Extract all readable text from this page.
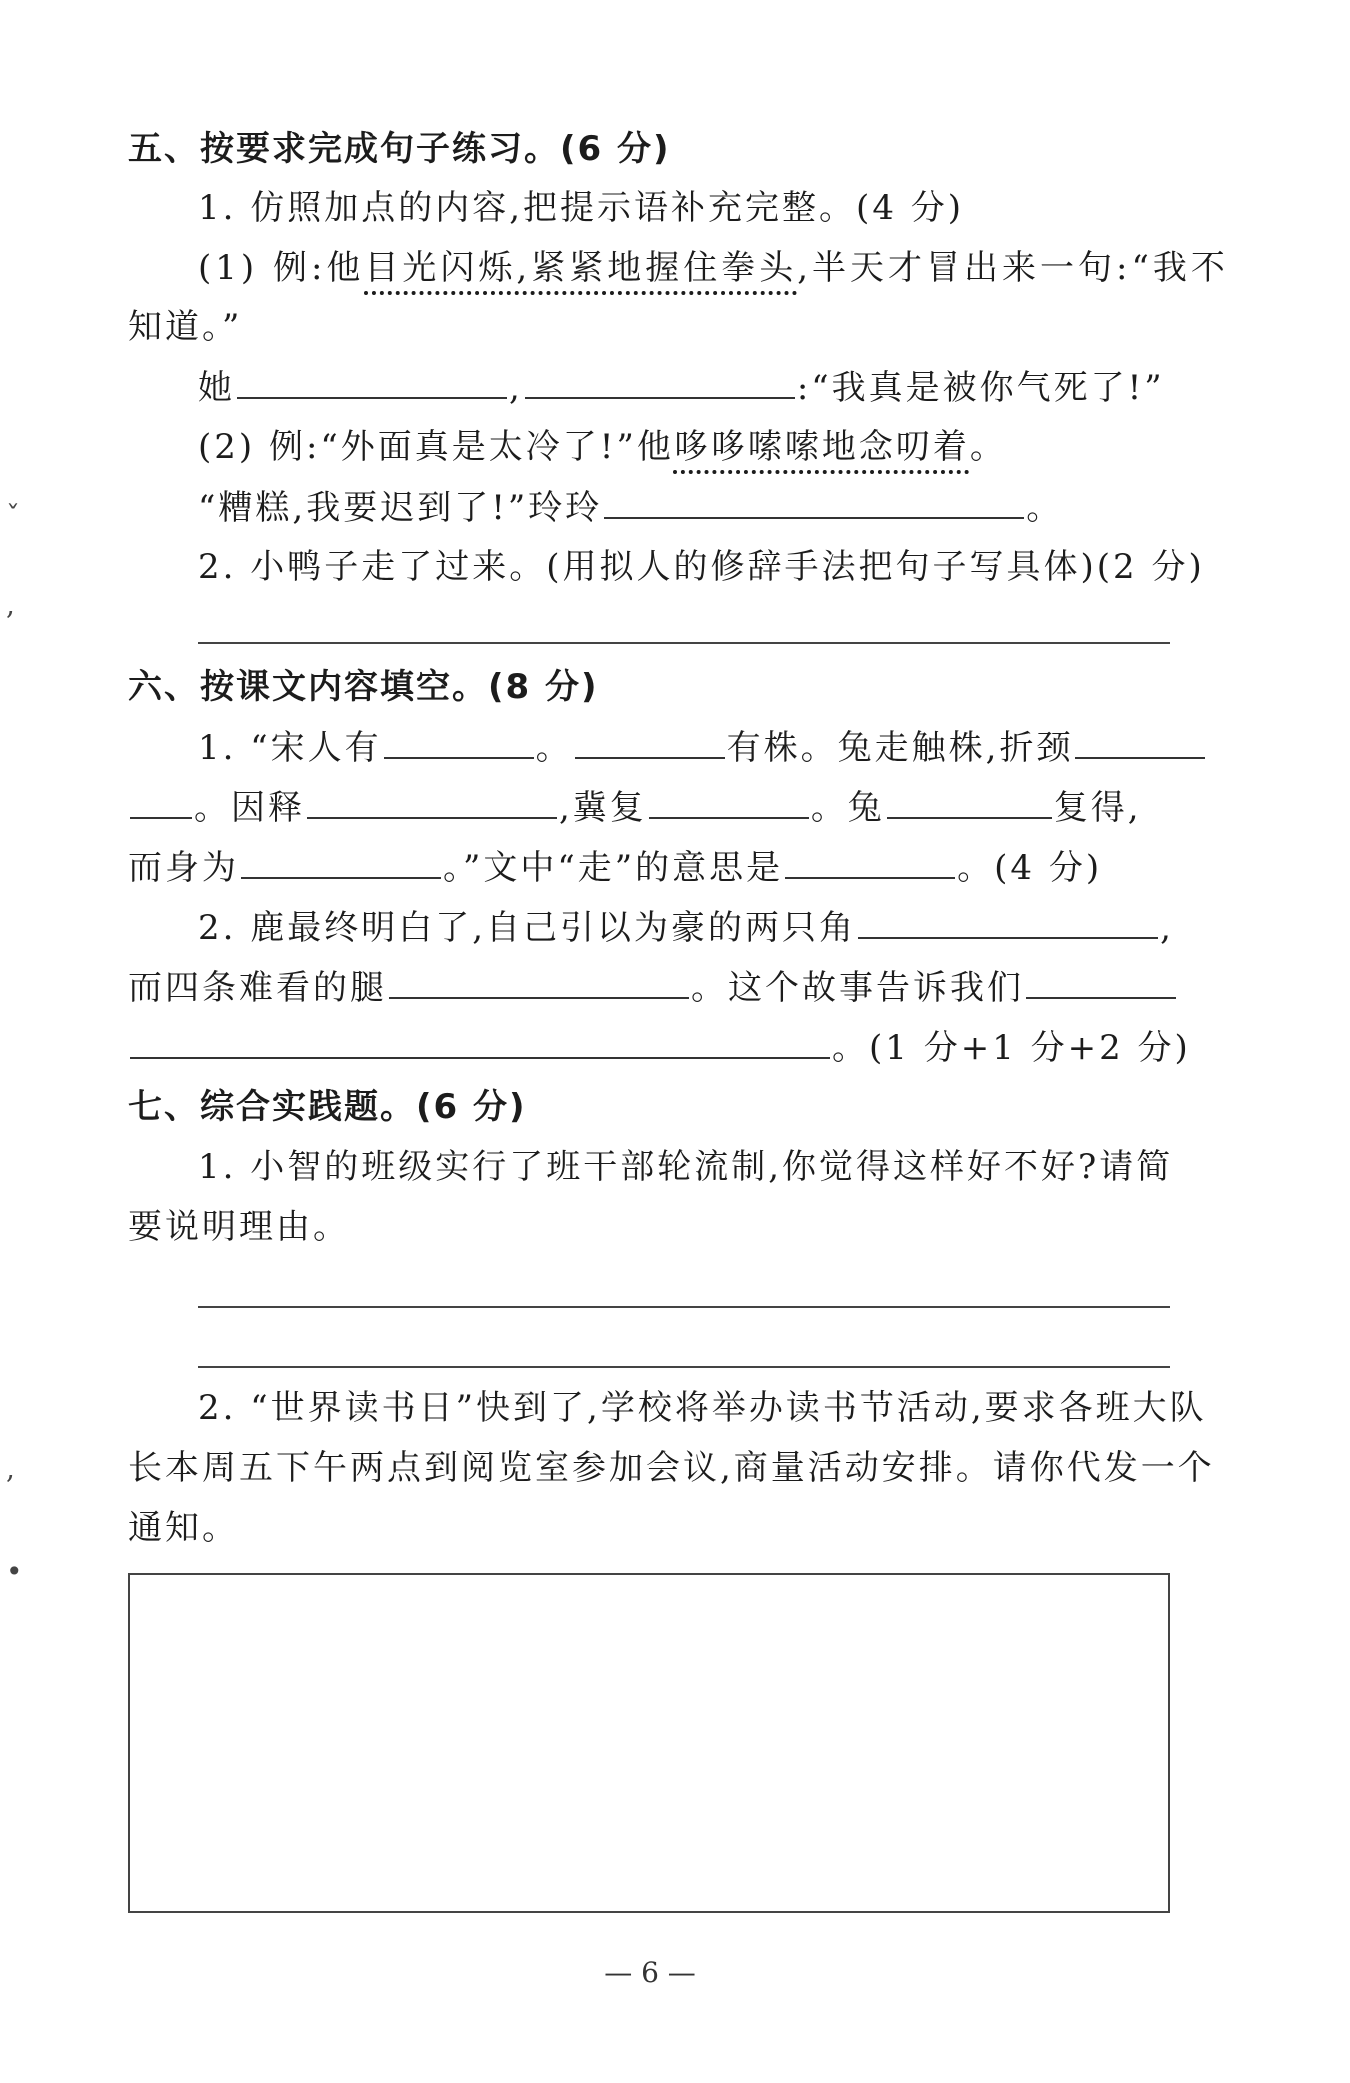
ˇ
,
,
•
五、按要求完成句子练习。(6 分)
1. 仿照加点的内容,把提示语补充完整。(4 分)
(1) 例:他目光闪烁,紧紧地握住拳头,半天才冒出来一句:“我不
知道。”
她	,	:“我真是被你气死了!”
(2) 例:“外面真是太冷了!”他哆哆嗦嗦地念叨着。
“糟糕,我要迟到了!”玲玲	。
2. 小鸭子走了过来。(用拟人的修辞手法把句子写具体)(2 分)
六、按课文内容填空。(8 分)
1. “宋人有	。	有株。兔走触株,折颈
。因释	,冀复	。兔	复得,
而身为	。”文中“走”的意思是	。(4 分)
2. 鹿最终明白了,自己引以为豪的两只角	,
而四条难看的腿	。这个故事告诉我们
。(1 分+1 分+2 分)
七、综合实践题。(6 分)
1. 小智的班级实行了班干部轮流制,你觉得这样好不好?请简
要说明理由。
2. “世界读书日”快到了,学校将举办读书节活动,要求各班大队
长本周五下午两点到阅览室参加会议,商量活动安排。请你代发一个
通知。
— 6 —
